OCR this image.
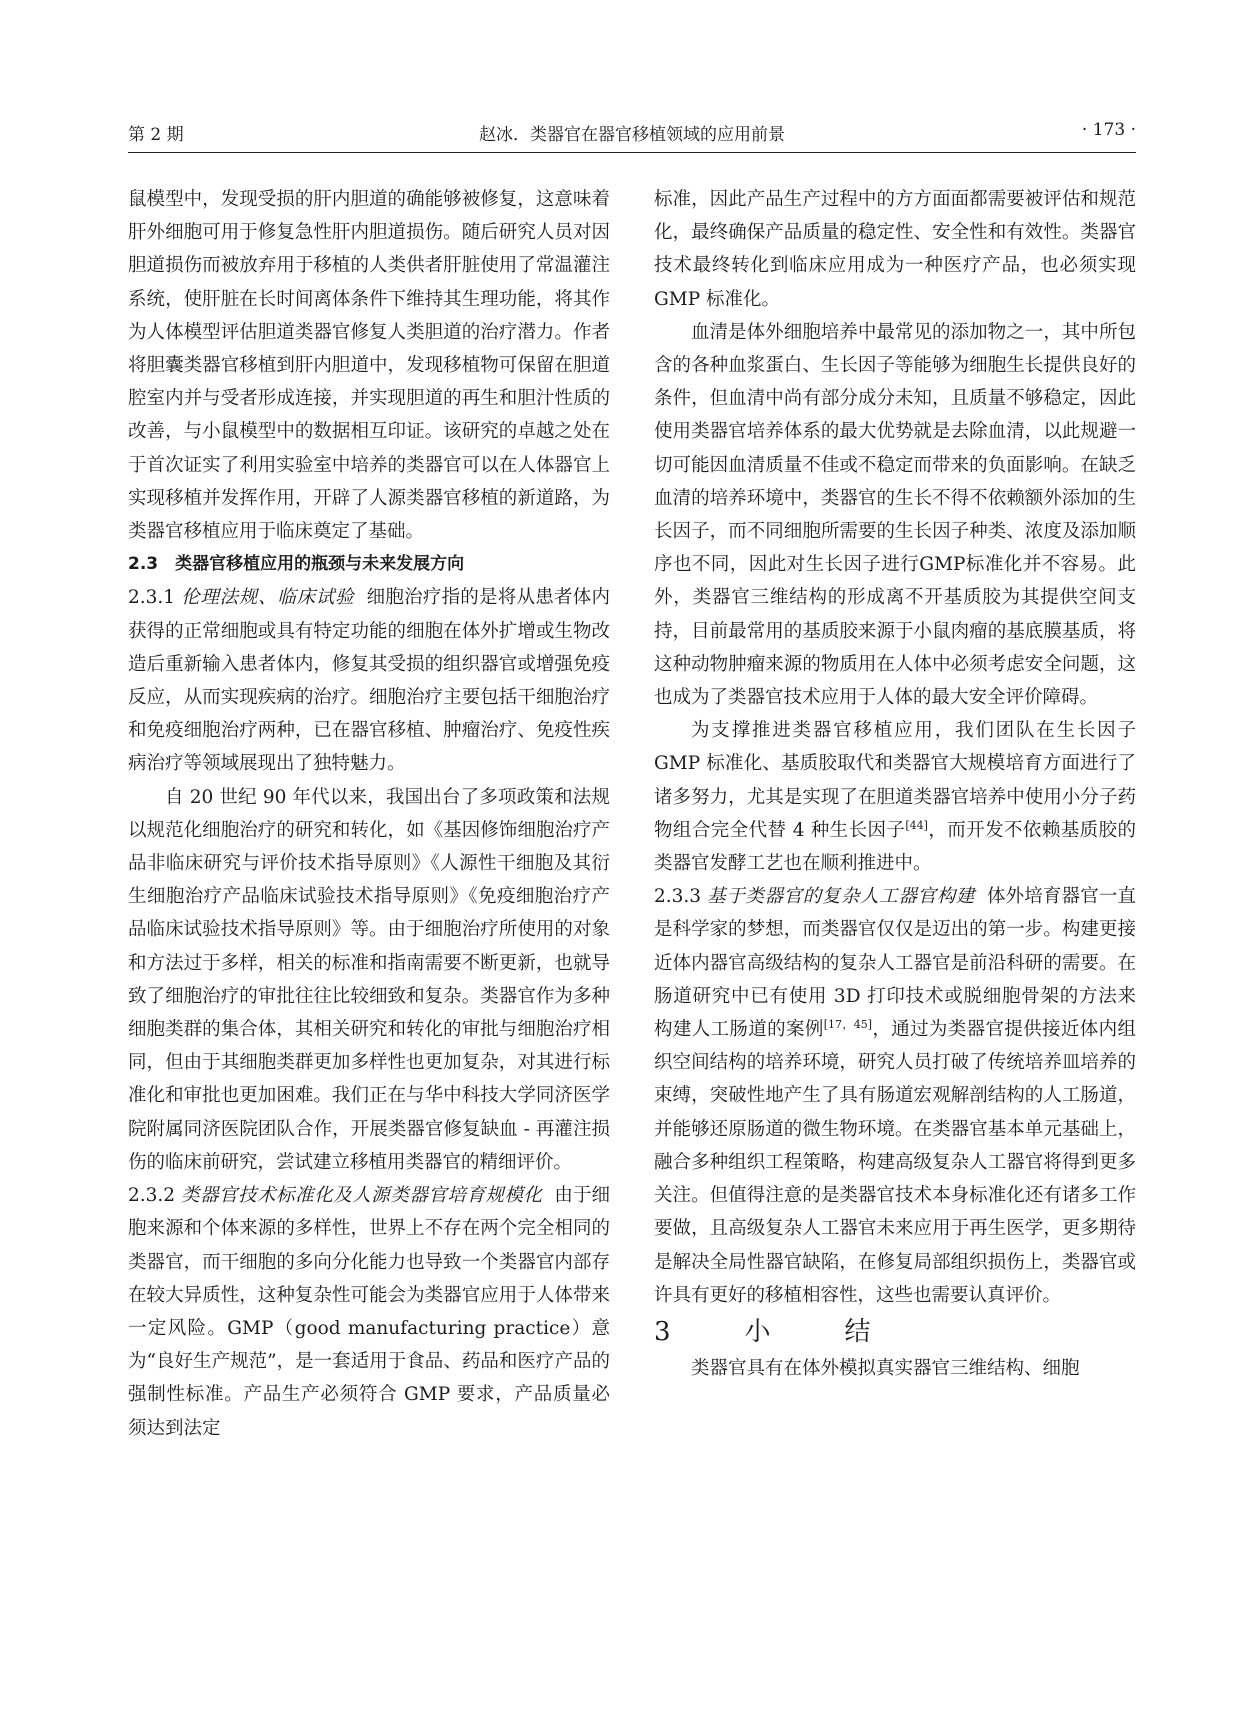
第 2 期	赵冰．类器官在器官移植领域的应用前景	· 173 ·

鼠模型中，发现受损的肝内胆道的确能够被修复，这意味着肝外细胞可用于修复急性肝内胆道损伤。随后研究人员对因胆道损伤而被放弃用于移植的人类供者肝脏使用了常温灌注系统，使肝脏在长时间离体条件下维持其生理功能，将其作为人体模型评估胆道类器官修复人类胆道的治疗潜力。作者将胆囊类器官移植到肝内胆道中，发现移植物可保留在胆道腔室内并与受者形成连接，并实现胆道的再生和胆汁性质的改善，与小鼠模型中的数据相互印证。该研究的卓越之处在于首次证实了利用实验室中培养的类器官可以在人体器官上实现移植并发挥作用，开辟了人源类器官移植的新道路，为类器官移植应用于临床奠定了基础。

2.3　类器官移植应用的瓶颈与未来发展方向

2.3.1 伦理法规、临床试验 细胞治疗指的是将从患者体内获得的正常细胞或具有特定功能的细胞在体外扩增或生物改造后重新输入患者体内，修复其受损的组织器官或增强免疫反应，从而实现疾病的治疗。细胞治疗主要包括干细胞治疗和免疫细胞治疗两种，已在器官移植、肿瘤治疗、免疫性疾病治疗等领域展现出了独特魅力。

自 20 世纪 90 年代以来，我国出台了多项政策和法规以规范化细胞治疗的研究和转化，如《基因修饰细胞治疗产品非临床研究与评价技术指导原则》《人源性干细胞及其衍生细胞治疗产品临床试验技术指导原则》《免疫细胞治疗产品临床试验技术指导原则》等。由于细胞治疗所使用的对象和方法过于多样，相关的标准和指南需要不断更新，也就导致了细胞治疗的审批往往比较细致和复杂。类器官作为多种细胞类群的集合体，其相关研究和转化的审批与细胞治疗相同，但由于其细胞类群更加多样性也更加复杂，对其进行标准化和审批也更加困难。我们正在与华中科技大学同济医学院附属同济医院团队合作，开展类器官修复缺血 - 再灌注损伤的临床前研究，尝试建立移植用类器官的精细评价。

2.3.2 类器官技术标准化及人源类器官培育规模化 由于细胞来源和个体来源的多样性，世界上不存在两个完全相同的类器官，而干细胞的多向分化能力也导致一个类器官内部存在较大异质性，这种复杂性可能会为类器官应用于人体带来一定风险。GMP（good manufacturing practice）意为“良好生产规范”，是一套适用于食品、药品和医疗产品的强制性标准。产品生产必须符合 GMP 要求，产品质量必须达到法定

标准，因此产品生产过程中的方方面面都需要被评估和规范化，最终确保产品质量的稳定性、安全性和有效性。类器官技术最终转化到临床应用成为一种医疗产品，也必须实现 GMP 标准化。

血清是体外细胞培养中最常见的添加物之一，其中所包含的各种血浆蛋白、生长因子等能够为细胞生长提供良好的条件，但血清中尚有部分成分未知，且质量不够稳定，因此使用类器官培养体系的最大优势就是去除血清，以此规避一切可能因血清质量不佳或不稳定而带来的负面影响。在缺乏血清的培养环境中，类器官的生长不得不依赖额外添加的生长因子，而不同细胞所需要的生长因子种类、浓度及添加顺序也不同，因此对生长因子进行GMP标准化并不容易。此外，类器官三维结构的形成离不开基质胶为其提供空间支持，目前最常用的基质胶来源于小鼠肉瘤的基底膜基质，将这种动物肿瘤来源的物质用在人体中必须考虑安全问题，这也成为了类器官技术应用于人体的最大安全评价障碍。

为支撑推进类器官移植应用，我们团队在生长因子 GMP 标准化、基质胶取代和类器官大规模培育方面进行了诸多努力，尤其是实现了在胆道类器官培养中使用小分子药物组合完全代替 4 种生长因子[44]，而开发不依赖基质胶的类器官发酵工艺也在顺利推进中。

2.3.3 基于类器官的复杂人工器官构建 体外培育器官一直是科学家的梦想，而类器官仅仅是迈出的第一步。构建更接近体内器官高级结构的复杂人工器官是前沿科研的需要。在肠道研究中已有使用 3D 打印技术或脱细胞骨架的方法来构建人工肠道的案例[17，45]，通过为类器官提供接近体内组织空间结构的培养环境，研究人员打破了传统培养皿培养的束缚，突破性地产生了具有肠道宏观解剖结构的人工肠道，并能够还原肠道的微生物环境。在类器官基本单元基础上，融合多种组织工程策略，构建高级复杂人工器官将得到更多关注。但值得注意的是类器官技术本身标准化还有诸多工作要做，且高级复杂人工器官未来应用于再生医学，更多期待是解决全局性器官缺陷，在修复局部组织损伤上，类器官或许具有更好的移植相容性，这些也需要认真评价。

3　小　结

类器官具有在体外模拟真实器官三维结构、细胞
